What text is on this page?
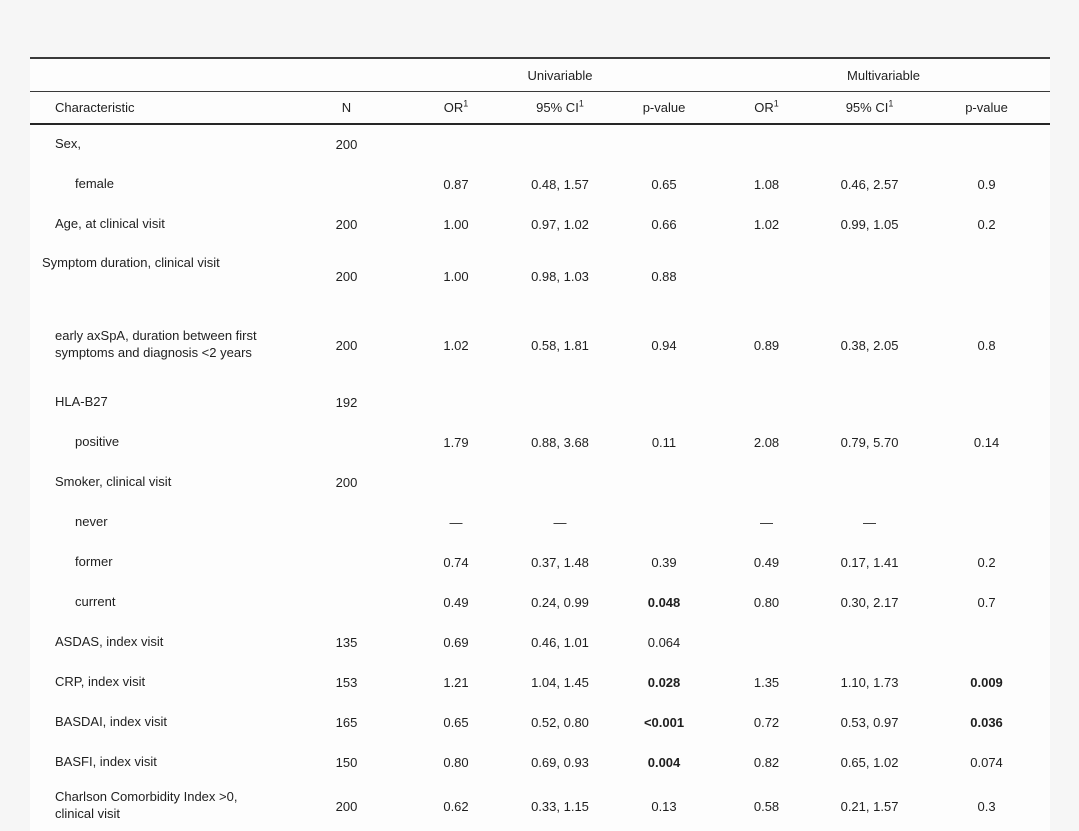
		Univariable			Multivariable		
Characteristic	N	$OR^1$	95% $CI^1$	p-value	$OR^1$	95% $CI^1$	p-value
Sex,	200						
female		0.87	0.48, 1.57	0.65	1.08	0.46, 2.57	0.9
Age, at clinical visit	200	1.00	0.97, 1.02	0.66	1.02	0.99, 1.05	0.2
Symptom duration, clinical visit	200	1.00	0.98, 1.03	0.88			
early axSpA, duration between first symptoms and diagnosis <2 years	200	1.02	0.58, 1.81	0.94	0.89	0.38, 2.05	0.8
HLA-B27	192						
positive		1.79	0.88, 3.68	0.11	2.08	0.79, 5.70	0.14
Smoker, clinical visit	200						
never		—	—		—	—	
former		0.74	0.37, 1.48	0.39	0.49	0.17, 1.41	0.2
current		0.49	0.24, 0.99	0.048	0.80	0.30, 2.17	0.7
ASDAS, index visit	135	0.69	0.46, 1.01	0.064			
CRP, index visit	153	1.21	1.04, 1.45	0.028	1.35	1.10, 1.73	0.009
BASDAI, index visit	165	0.65	0.52, 0.80	<0.001	0.72	0.53, 0.97	0.036
BASFI, index visit	150	0.80	0.69, 0.93	0.004	0.82	0.65, 1.02	0.074
Charlson Comorbidity Index >0, clinical visit	200	0.62	0.33, 1.15	0.13	0.58	0.21, 1.57	0.3
